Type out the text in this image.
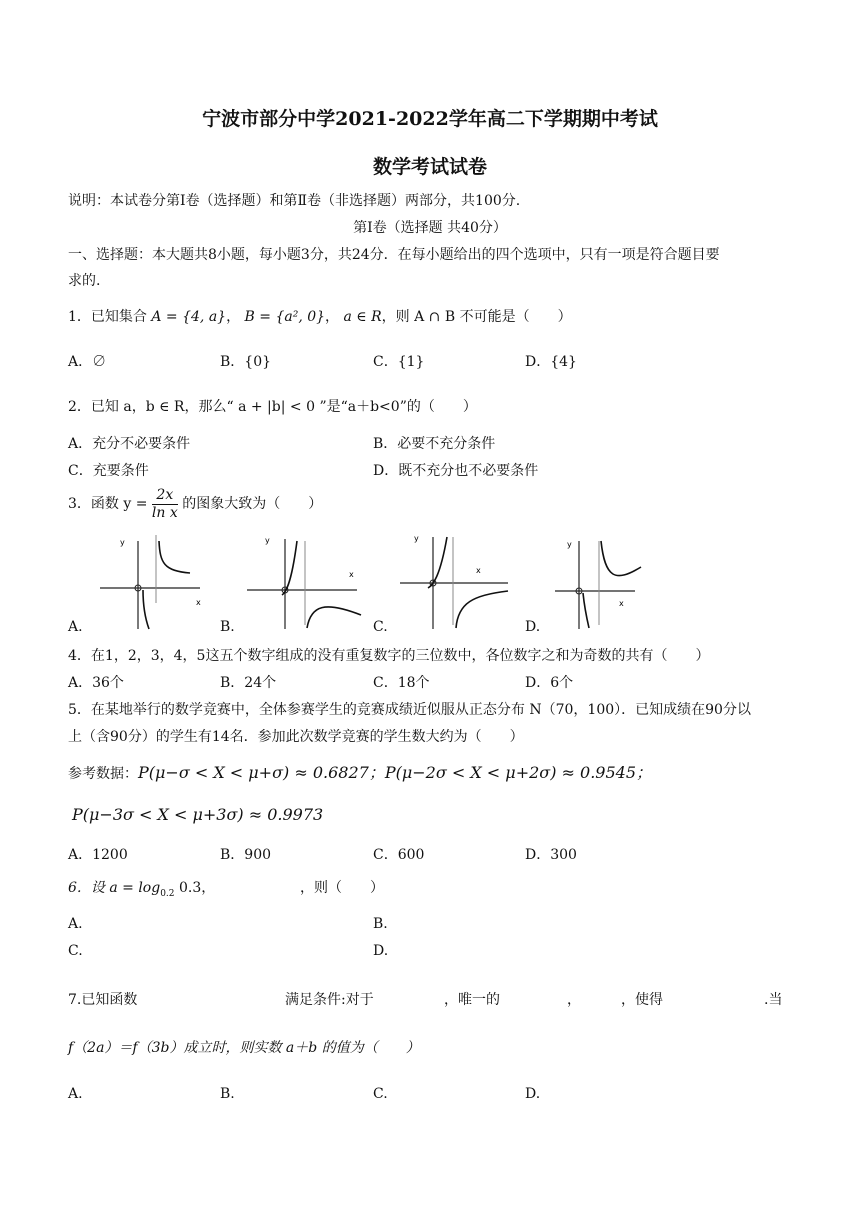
宁波市部分中学2021-2022学年高二下学期期中考试
数学考试试卷
说明：本试卷分第Ⅰ卷（选择题）和第Ⅱ卷（非选择题）两部分，共100分.
第Ⅰ卷（选择题 共40分）
一、选择题：本大题共8小题，每小题3分，共24分．在每小题给出的四个选项中，只有一项是符合题目要
求的.
1．已知集合 A = {4, a}， B = {a², 0}， a ∈ R，则 A ∩ B 不可能是（　　）
A．∅	B．{0}	C．{1}	D．{4}
2．已知 a，b ∈ R，那么“ a + |b| < 0 ”是“a＋b<0”的（　　）
A．充分不必要条件	B．必要不充分条件
C．充要条件	D．既不充分也不必要条件
3．函数 $y = \frac{2x}{\text{ln x}}$ 的图象大致为（　　）
y
x
A.
y
x
B.
y
x
C.
y
x
D.
4．在1，2，3，4，5这五个数字组成的没有重复数字的三位数中，各位数字之和为奇数的共有（　　）
A．36个	B．24个	C．18个	D．6个
5．在某地举行的数学竞赛中，全体参赛学生的竞赛成绩近似服从正态分布 N（70，100）．已知成绩在90分以
上（含90分）的学生有14名．参加此次数学竞赛的学生数大约为（　　）
参考数据：P(μ−σ < X < μ+σ) ≈ 0.6827；P(μ−2σ < X < μ+2σ) ≈ 0.9545；
P(μ−3σ < X < μ+3σ) ≈ 0.9973
A．1200	B．900	C．600	D．300
6．设 $a = \log_{0.2} 0.3$，	，则（　　）
A.	B.
C.	D.
7.已知函数	满足条件:对于	，唯一的	，	，使得	.当
f（2a）＝f（3b）成立时，则实数 a＋b 的值为（　　）
A.	B.	C.	D.
